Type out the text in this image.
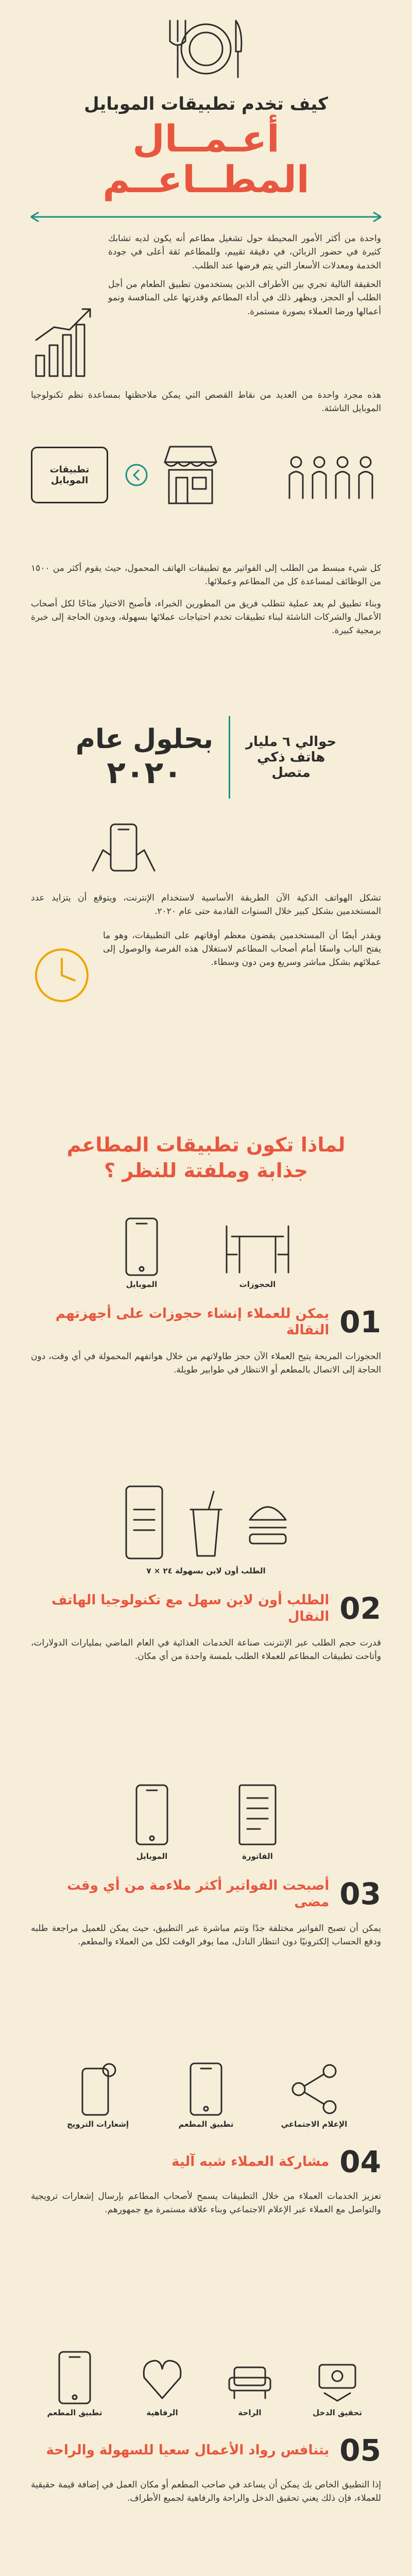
كيف تخدم تطبيقات الموبايل
أعـمــال
المطــاعــم

واحدة من أكثر الأمور المحيطة حول تشغيل مطاعم أنه يكون لديه تشابك كثيرة في حضور الزبائن، في دقيقة تقييم، وللمطاعم ثقة أعلى في جودة الخدمة ومعدلات الأسعار التي يتم فرضها عند الطلب.

الحقيقة التالية تجري بين الأطراف الذين يستخدمون تطبيق الطعام من أجل الطلب أو الحجز، ويظهر ذلك في أداء المطاعم وقدرتها على المنافسة ونمو أعمالها ورضا العملاء بصورة مستمرة.

هذه مجرد واحدة من العديد من نقاط القصص التي يمكن ملاحظتها بمساعدة نظم تكنولوجيا الموبايل الناشئة.

تطبيقات الموبايل

كل شيء مبسط من الطلب إلى الفواتير مع تطبيقات الهاتف المحمول، حيث يقوم أكثر من ١٥٠٠ من الوظائف لمساعدة كل من المطاعم وعملائها.

وبناء تطبيق لم يعد عملية تتطلب فريق من المطورين الخبراء، فأصبح الاختيار متاحًا لكل أصحاب الأعمال والشركات الناشئة لبناء تطبيقات تخدم احتياجات عملائها بسهولة، وبدون الحاجة إلى خبرة برمجية كبيرة.

حوالي ٦ مليار
هاتف ذكي
متصل
بحلول عام
٢٠٢٠

تشكل الهواتف الذكية الآن الطريقة الأساسية لاستخدام الإنترنت، ويتوقع أن يتزايد عدد المستخدمين بشكل كبير خلال السنوات القادمة حتى عام ٢٠٢٠.

ويقدر أيضًا أن المستخدمين يقضون معظم أوقاتهم على التطبيقات، وهو ما يفتح الباب واسعًا أمام أصحاب المطاعم لاستغلال هذه الفرصة والوصول إلى عملائهم بشكل مباشر وسريع ومن دون وسطاء.

لماذا تكون تطبيقات المطاعم
جذابة وملفتة للنظر ؟
الحجوزات
الموبايل
01
يمكن للعملاء إنشاء حجوزات على أجهزتهم النقالة

الحجوزات المريحة يتيح العملاء الآن حجز طاولاتهم من خلال هواتفهم المحمولة في أي وقت، دون الحاجة إلى الاتصال بالمطعم أو الانتظار في طوابير طويلة.

الطلب أون لاين بسهولة ٢٤ × ٧
02
الطلب أون لاين سهل مع تكنولوجيا الهاتف النقال

قدرت حجم الطلب عبر الإنترنت صناعة الخدمات الغذائية في العام الماضي بمليارات الدولارات، وأتاحت تطبيقات المطاعم للعملاء الطلب بلمسة واحدة من أي مكان.

الفاتورة
الموبايل
03
أصبحت الفواتير أكثر ملاءمة من أي وقت مضى

يمكن أن تصبح الفواتير مختلفة جدًا وتتم مباشرة عبر التطبيق، حيث يمكن للعميل مراجعة طلبه ودفع الحساب إلكترونيًا دون انتظار النادل، مما يوفر الوقت لكل من العملاء والمطعم.

الإعلام الاجتماعي
تطبيق المطعم
إشعارات الترويج
04
مشاركة العملاء شبه آلية

تعزيز الخدمات العملاء من خلال التطبيقات يسمح لأصحاب المطاعم بإرسال إشعارات ترويجية والتواصل مع العملاء عبر الإعلام الاجتماعي وبناء علاقة مستمرة مع جمهورهم.

تحقيق الدخل
الراحة
الرفاهية
تطبيق المطعم
05
يتنافس رواد الأعمال سعيا للسهولة والراحة

إذا التطبيق الخاص بك يمكن أن يساعد في صاحب المطعم أو مكان العمل في إضافة قيمة حقيقية للعملاء، فإن ذلك يعني تحقيق الدخل والراحة والرفاهية لجميع الأطراف.
